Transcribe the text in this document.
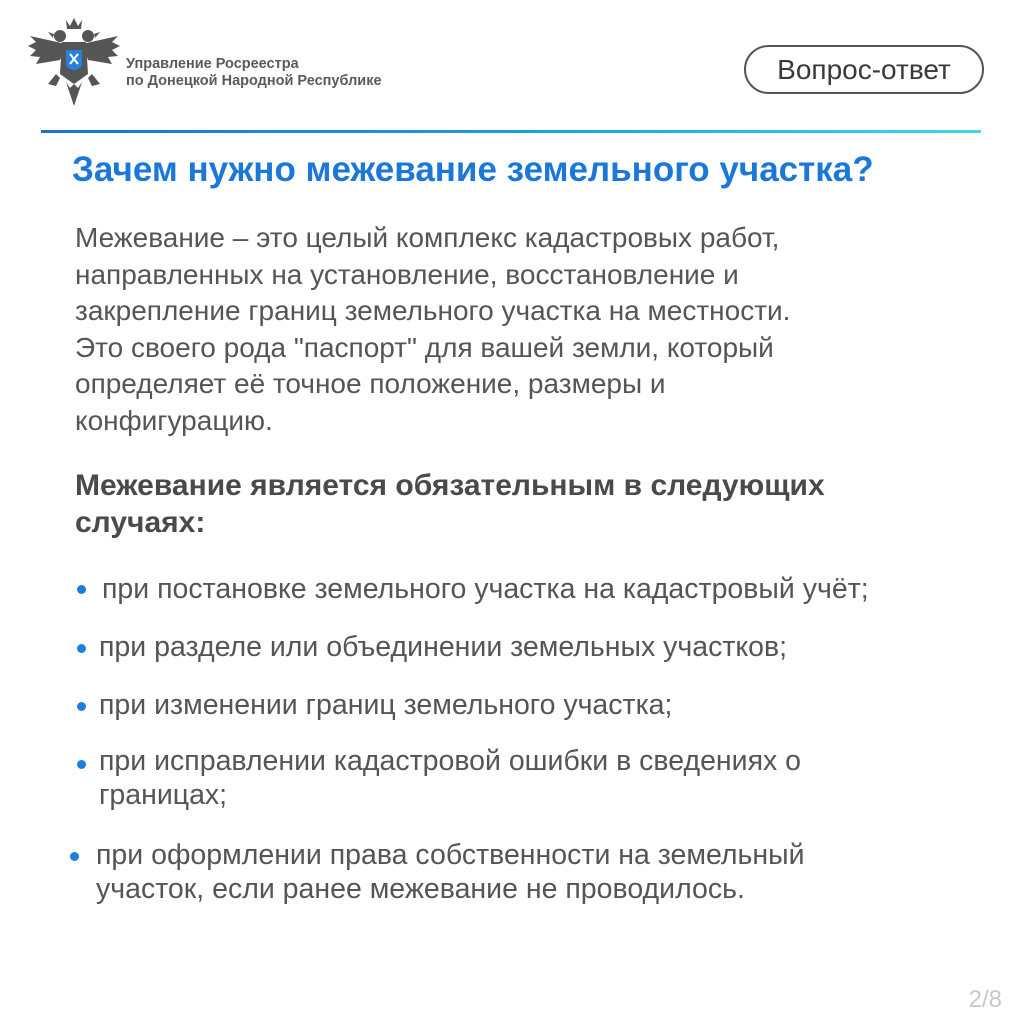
Управление Росреестра
по Донецкой Народной Республике	Вопрос-ответ
Зачем нужно межевание земельного участка?
Межевание – это целый комплекс кадастровых работ,
направленных на установление, восстановление и
закрепление границ земельного участка на местности.
Это своего рода "паспорт" для вашей земли, который
определяет её точное положение, размеры и
конфигурацию.
Межевание является обязательным в следующих
случаях:
при постановке земельного участка на кадастровый учёт;
при разделе или объединении земельных участков;
при изменении границ земельного участка;
при исправлении кадастровой ошибки в сведениях о
границах;
при оформлении права собственности на земельный
участок, если ранее межевание не проводилось.
2/8
